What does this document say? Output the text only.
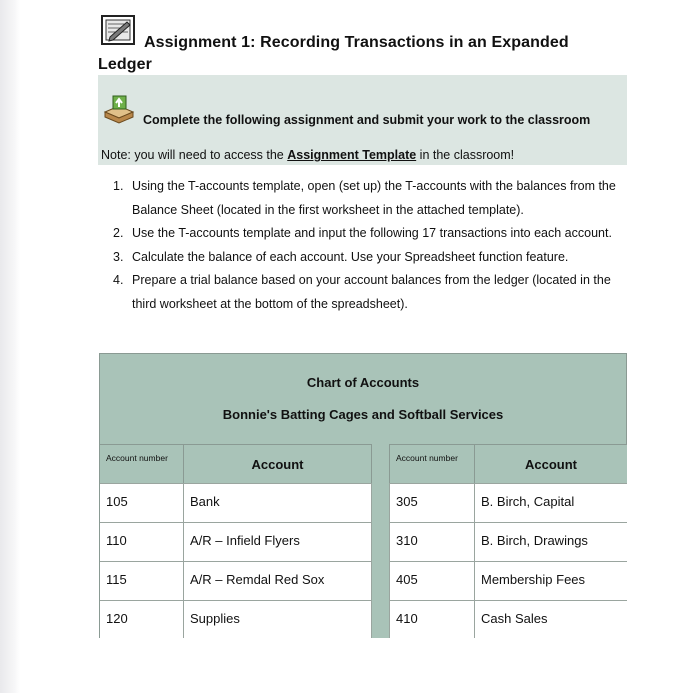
Assignment 1: Recording Transactions in an Expanded Ledger
Complete the following assignment and submit your work to the classroom
Note: you will need to access the Assignment Template in the classroom!
1. Using the T-accounts template, open (set up) the T-accounts with the balances from the Balance Sheet (located in the first worksheet in the attached template).
2. Use the T-accounts template and input the following 17 transactions into each account.
3. Calculate the balance of each account. Use your Spreadsheet function feature.
4. Prepare a trial balance based on your account balances from the ledger (located in the third worksheet at the bottom of the spreadsheet).
Chart of Accounts
Bonnie's Batting Cages and Softball Services
Account number	Account	Account number	Account
105	Bank	305	B. Birch, Capital
110	A/R – Infield Flyers	310	B. Birch, Drawings
115	A/R – Remdal Red Sox	405	Membership Fees
120	Supplies	410	Cash Sales
